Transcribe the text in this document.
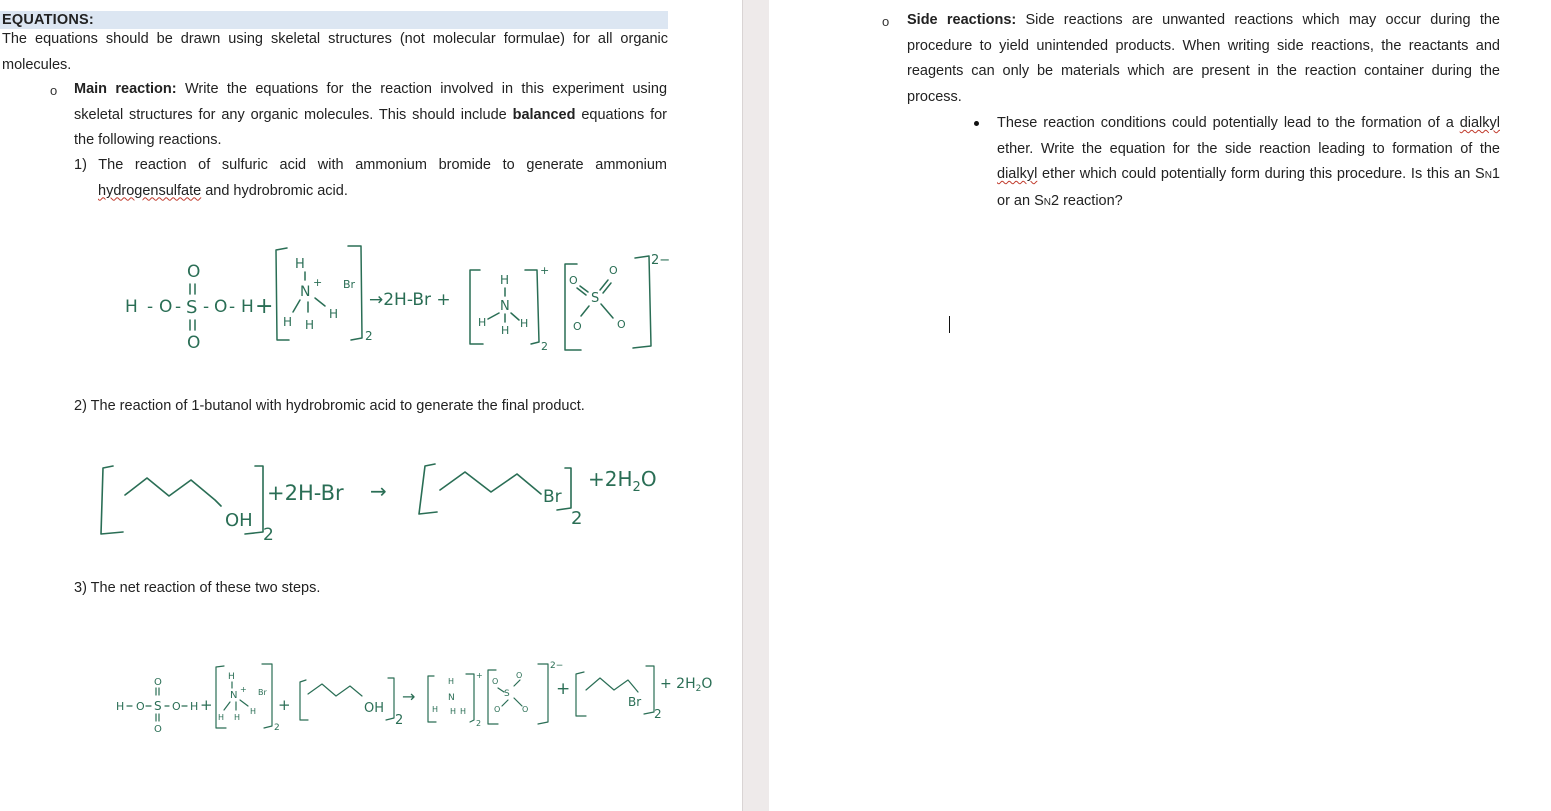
EQUATIONS:
The equations should be drawn using skeletal structures (not molecular formulae) for all organic molecules.
o Main reaction: Write the equations for the reaction involved in this experiment using skeletal structures for any organic molecules. This should include balanced equations for the following reactions.
1) The reaction of sulfuric acid with ammonium bromide to generate ammonium hydrogensulfate and hydrobromic acid.
H - O - S - O - H
O
O
+
H
N
+ Br
H H
H
2
→2H-Br +
H
N
H
H
H
+
2
O
O
S
O	O
2−
2) The reaction of 1-butanol with hydrobromic acid to generate the final product.
OH
2
+2H-Br →	Br
2
$+2H_2O$
3) The net reaction of these two steps.
H O S O H
O
O
+
H
N
+ Br
H H
H
2
+	OH
2
→
H
N
H H H
+
2
O
O
S
O	O
2−
+
Br
2
+ $2H_2O$
o Side reactions: Side reactions are unwanted reactions which may occur during the procedure to yield unintended products. When writing side reactions, the reactants and reagents can only be materials which are present in the reaction container during the process.
These reaction conditions could potentially lead to the formation of a dialkyl ether. Write the equation for the side reaction leading to formation of the dialkyl ether which could potentially form during this procedure. Is this an SN1 or an SN2 reaction?
